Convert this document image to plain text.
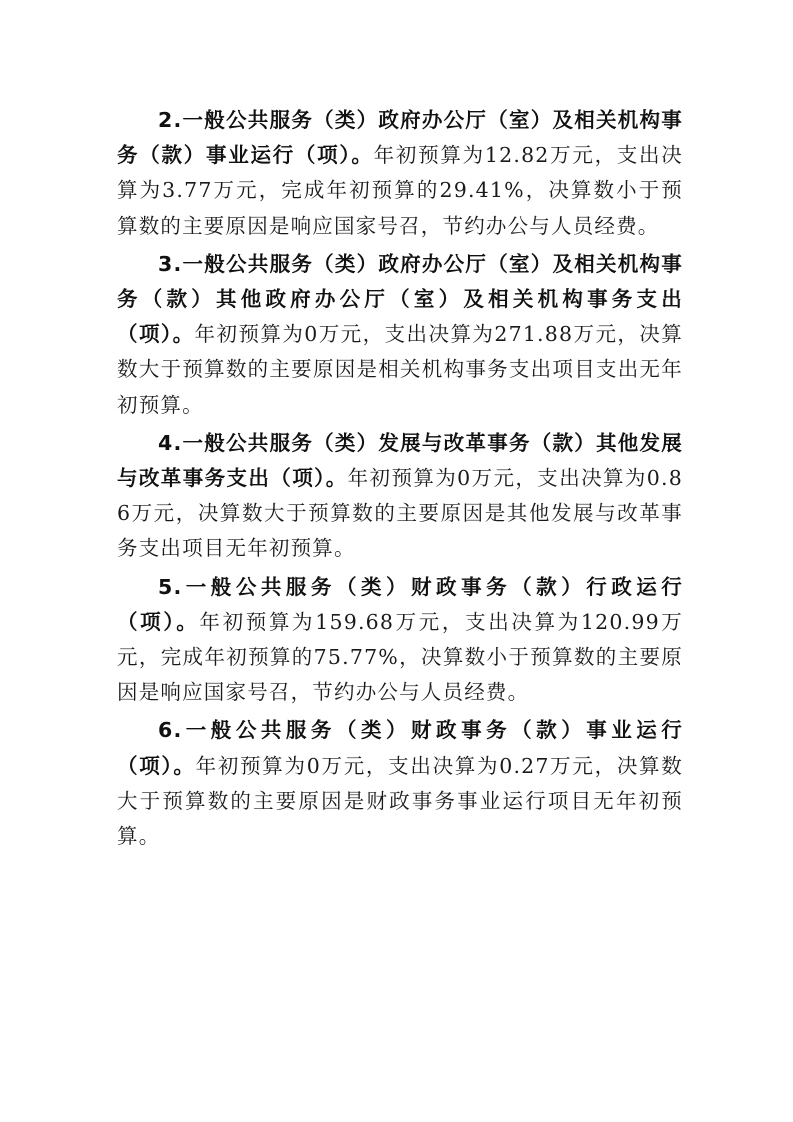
2.一般公共服务（类）政府办公厅（室）及相关机构事务（款）事业运行（项）。年初预算为12.82万元，支出决算为3.77万元，完成年初预算的29.41%，决算数小于预算数的主要原因是响应国家号召，节约办公与人员经费。

3.一般公共服务（类）政府办公厅（室）及相关机构事务（款）其他政府办公厅（室）及相关机构事务支出（项）。年初预算为0万元，支出决算为271.88万元，决算数大于预算数的主要原因是相关机构事务支出项目支出无年初预算。

4.一般公共服务（类）发展与改革事务（款）其他发展与改革事务支出（项）。年初预算为0万元，支出决算为0.86万元，决算数大于预算数的主要原因是其他发展与改革事务支出项目无年初预算。

5.一般公共服务（类）财政事务（款）行政运行（项）。年初预算为159.68万元，支出决算为120.99万元，完成年初预算的75.77%，决算数小于预算数的主要原因是响应国家号召，节约办公与人员经费。

6.一般公共服务（类）财政事务（款）事业运行（项）。年初预算为0万元，支出决算为0.27万元，决算数大于预算数的主要原因是财政事务事业运行项目无年初预算。
